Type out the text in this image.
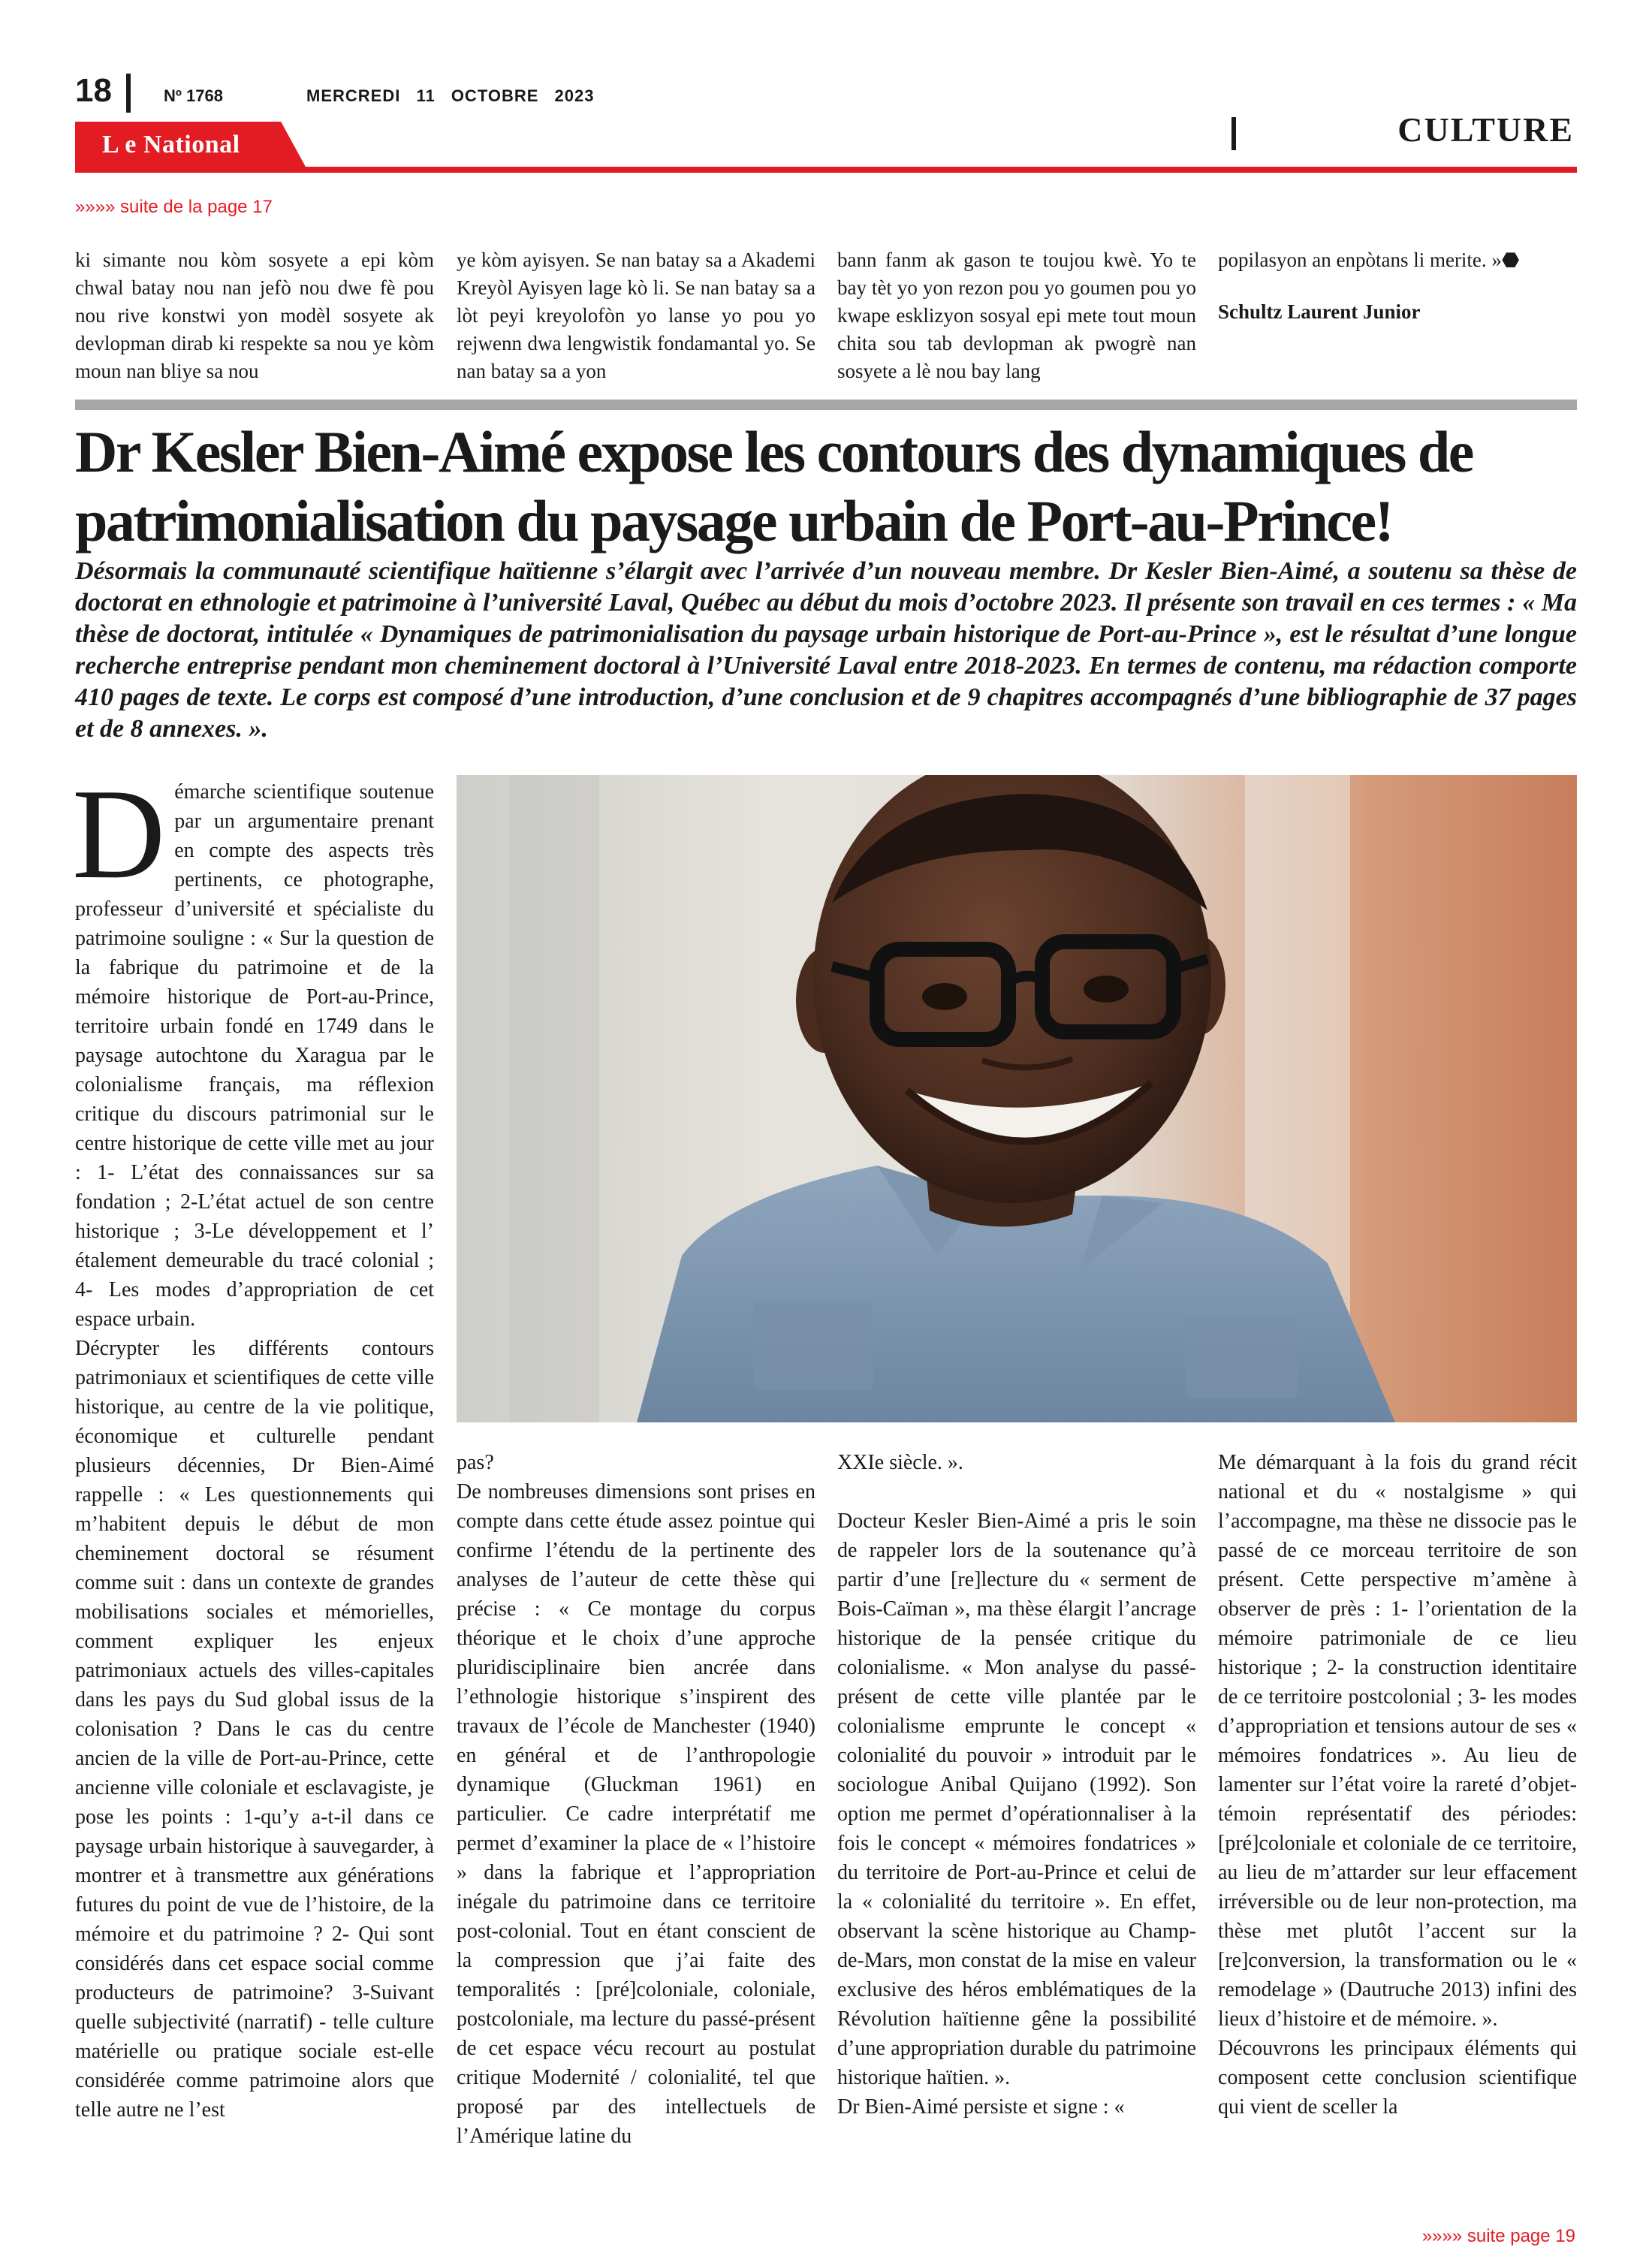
18	Nº 1768	MERCREDI 11 OCTOBRE 2023
CULTURE
L e National
»»»» suite de la page 17

ki simante nou kòm sosyete a epi kòm chwal batay nou nan jefò nou dwe fè pou nou rive konstwi yon modèl sosyete ak devlopman dirab ki respekte sa nou ye kòm moun nan bliye sa nou

ye kòm ayisyen. Se nan batay sa a Akademi Kreyòl Ayisyen lage kò li. Se nan batay sa a lòt peyi kreyolofòn yo lanse yo pou yo rejwenn dwa lengwistik fondamantal yo. Se nan batay sa a yon

bann fanm ak gason te toujou kwè. Yo te bay tèt yo yon rezon pou yo goumen pou yo kwape esklizyon sosyal epi mete tout moun chita sou tab devlopman ak pwogrè nan sosyete a lè nou bay lang

popilasyon an enpòtans li merite. »⬣

Schultz Laurent Junior
Dr Kesler Bien-Aimé expose les contours des dynamiques de patrimonialisation du paysage urbain de Port-au-Prince!

Désormais la communauté scientifique haïtienne s’élargit avec l’arrivée d’un nouveau membre. Dr Kesler Bien-Aimé, a soutenu sa thèse de doctorat en ethnologie et patrimoine à l’université Laval, Québec au début du mois d’octobre 2023. Il présente son travail en ces termes : « Ma thèse de doctorat, intitulée « Dynamiques de patrimonialisation du paysage urbain historique de Port-au-Prince », est le résultat d’une longue recherche entreprise pendant mon cheminement doctoral à l’Université Laval entre 2018-2023. En termes de contenu, ma rédaction comporte 410 pages de texte. Le corps est composé d’une introduction, d’une conclusion et de 9 chapitres accompagnés d’une bibliographie de 37 pages et de 8 annexes. ».

Démarche scientifique soutenue par un argumentaire prenant en compte des aspects très pertinents, ce photographe, professeur d’université et spécialiste du patrimoine souligne : « Sur la question de la fabrique du patrimoine et de la mémoire historique de Port-au-Prince, territoire urbain fondé en 1749 dans le paysage autochtone du Xaragua par le colonialisme français, ma réflexion critique du discours patrimonial sur le centre historique de cette ville met au jour : 1- L’état des connaissances sur sa fondation ; 2-L’état actuel de son centre historique ; 3-Le développement et l’ étalement demeurable du tracé colonial ; 4- Les modes d’appropriation de cet espace urbain.

Décrypter les différents contours patrimoniaux et scientifiques de cette ville historique, au centre de la vie politique, économique et culturelle pendant plusieurs décennies, Dr Bien-Aimé rappelle : « Les questionnements qui m’habitent depuis le début de mon cheminement doctoral se résument comme suit : dans un contexte de grandes mobilisations sociales et mémorielles, comment expliquer les enjeux patrimoniaux actuels des villes-capitales dans les pays du Sud global issus de la colonisation ? Dans le cas du centre ancien de la ville de Port-au-Prince, cette ancienne ville coloniale et esclavagiste, je pose les points : 1-qu’y a-t-il dans ce paysage urbain historique à sauvegarder, à montrer et à transmettre aux générations futures du point de vue de l’histoire, de la mémoire et du patrimoine ? 2- Qui sont considérés dans cet espace social comme producteurs de patrimoine? 3-Suivant quelle subjectivité (narratif) - telle culture matérielle ou pratique sociale est-elle considérée comme patrimoine alors que telle autre ne l’est

pas?

De nombreuses dimensions sont prises en compte dans cette étude assez pointue qui confirme l’étendu de la pertinente des analyses de l’auteur de cette thèse qui précise : « Ce montage du corpus théorique et le choix d’une approche pluridisciplinaire bien ancrée dans l’ethnologie historique s’inspirent des travaux de l’école de Manchester (1940) en général et de l’anthropologie dynamique (Gluckman 1961) en particulier. Ce cadre interprétatif me permet d’examiner la place de « l’histoire » dans la fabrique et l’appropriation inégale du patrimoine dans ce territoire post-colonial. Tout en étant conscient de la compression que j’ai faite des temporalités : [pré]coloniale, coloniale, postcoloniale, ma lecture du passé-présent de cet espace vécu recourt au postulat critique Modernité / colonialité, tel que proposé par des intellectuels de l’Amérique latine du

XXIe siècle. ».

Docteur Kesler Bien-Aimé a pris le soin de rappeler lors de la soutenance qu’à partir d’une [re]lecture du « serment de Bois-Caïman », ma thèse élargit l’ancrage historique de la pensée critique du colonialisme. « Mon analyse du passé-présent de cette ville plantée par le colonialisme emprunte le concept « colonialité du pouvoir » introduit par le sociologue Anibal Quijano (1992). Son option me permet d’opérationnaliser à la fois le concept « mémoires fondatrices » du territoire de Port-au-Prince et celui de la « colonialité du territoire ». En effet, observant la scène historique au Champ-de-Mars, mon constat de la mise en valeur exclusive des héros emblématiques de la Révolution haïtienne gêne la possibilité d’une appropriation durable du patrimoine historique haïtien. ».

Dr Bien-Aimé persiste et signe : «

Me démarquant à la fois du grand récit national et du « nostalgisme » qui l’accompagne, ma thèse ne dissocie pas le passé de ce morceau territoire de son présent. Cette perspective m’amène à observer de près : 1- l’orientation de la mémoire patrimoniale de ce lieu historique ; 2- la construction identitaire de ce territoire postcolonial ; 3- les modes d’appropriation et tensions autour de ses « mémoires fondatrices ». Au lieu de lamenter sur l’état voire la rareté d’objet-témoin représentatif des périodes: [pré]coloniale et coloniale de ce territoire, au lieu de m’attarder sur leur effacement irréversible ou de leur non-protection, ma thèse met plutôt l’accent sur la [re]conversion, la transformation ou le « remodelage » (Dautruche 2013) infini des lieux d’histoire et de mémoire. ».

Découvrons les principaux éléments qui composent cette conclusion scientifique qui vient de sceller la

»»»» suite page 19
